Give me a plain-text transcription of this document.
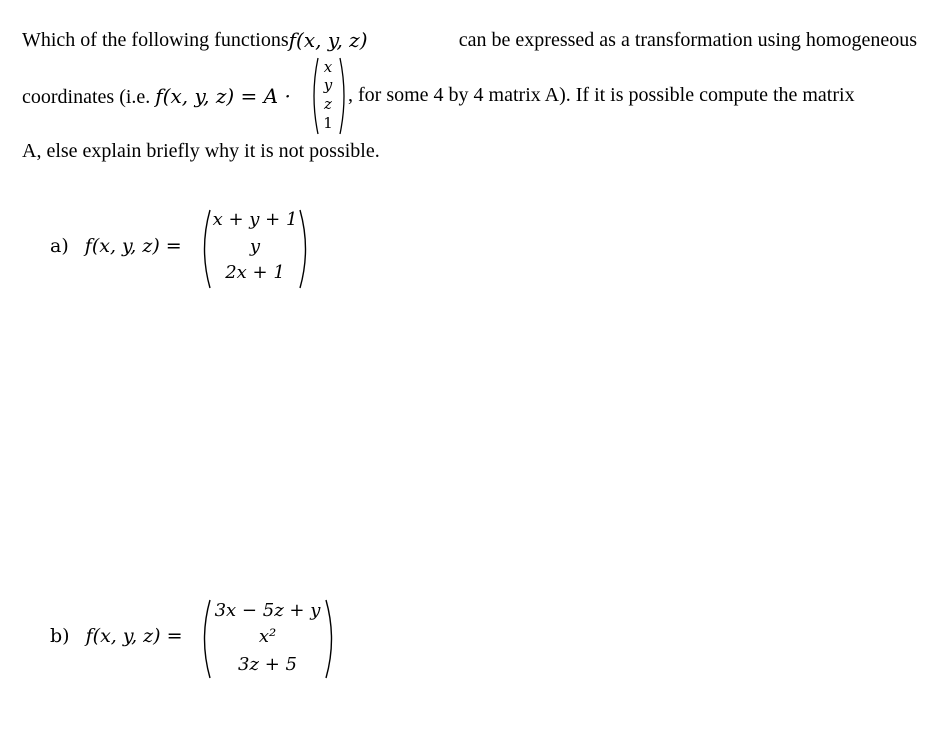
Which of the following functions f(x, y, z)	can be expressed as a transformation using homogeneous
coordinates (i.e. f(x, y, z) = A ·
x
y
z
1
, for some 4 by 4 matrix A). If it is possible compute the matrix
A, else explain briefly why it is not possible.
a) f(x, y, z) =
x + y + 1
y
2x + 1
b) f(x, y, z) =
3x − 5z + y
x²
3z + 5
